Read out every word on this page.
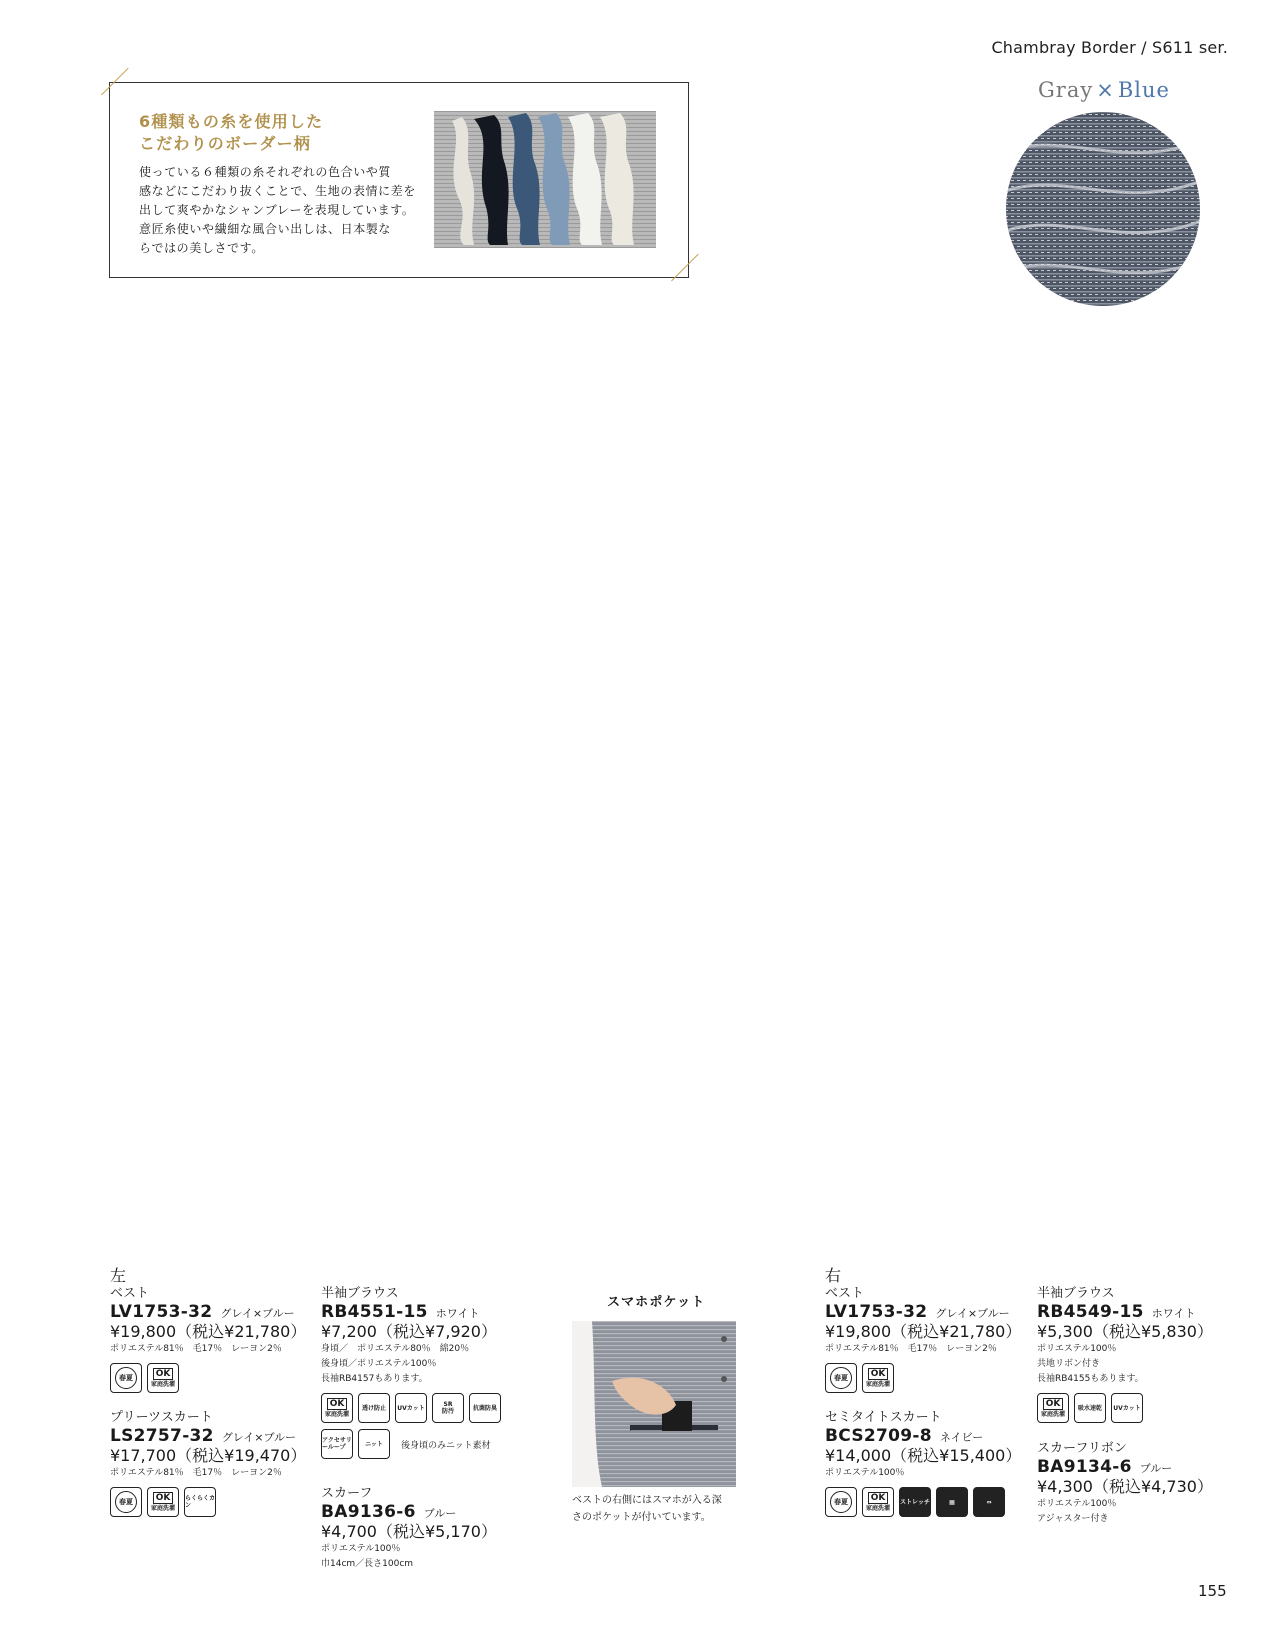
Chambray Border / S611 ser.
6種類もの糸を使用した
こだわりのボーダー柄
使っている６種類の糸それぞれの色合いや質
感などにこだわり抜くことで、生地の表情に差を
出して爽やかなシャンブレーを表現しています。
意匠糸使いや繊細な風合い出しは、日本製な
らではの美しさです。
Gray × Blue
左
ベスト
LV1753-32 グレイ×ブルー
¥19,800（税込¥21,780）
ポリエステル81％　毛17％　レーヨン2％
春夏	OK
家庭洗濯
プリーツスカート
LS2757-32 グレイ×ブルー
¥17,700（税込¥19,470）
ポリエステル81％　毛17％　レーヨン2％
春夏	OK
家庭洗濯
らくらくカン
半袖ブラウス
RB4551-15 ホワイト
¥7,200（税込¥7,920）
身頃／　ポリエステル80％　綿20％
後身頃／ポリエステル100％
長袖RB4157もあります。
OK
家庭洗濯
透け防止 UVカット	SR
防汚	抗菌防臭
アクセサリーループ	ニット 後身頃のみニット素材
スカーフ
BA9136-6 ブルー
¥4,700（税込¥5,170）
ポリエステル100％
巾14cm／長さ100cm
スマホポケット
ベストの右側にはスマホが入る深
さのポケットが付いています。
右
ベスト
LV1753-32 グレイ×ブルー
¥19,800（税込¥21,780）
ポリエステル81％　毛17％　レーヨン2％
春夏	OK
家庭洗濯
セミタイトスカート
BCS2709-8 ネイビー
¥14,000（税込¥15,400）
ポリエステル100％
春夏	OK
家庭洗濯
ストレッチ	▦	⇔
半袖ブラウス
RB4549-15 ホワイト
¥5,300（税込¥5,830）
ポリエステル100％
共地リボン付き
長袖RB4155もあります。
OK
家庭洗濯
吸水速乾 UVカット
スカーフリボン
BA9134-6 ブルー
¥4,300（税込¥4,730）
ポリエステル100％
アジャスター付き
155
